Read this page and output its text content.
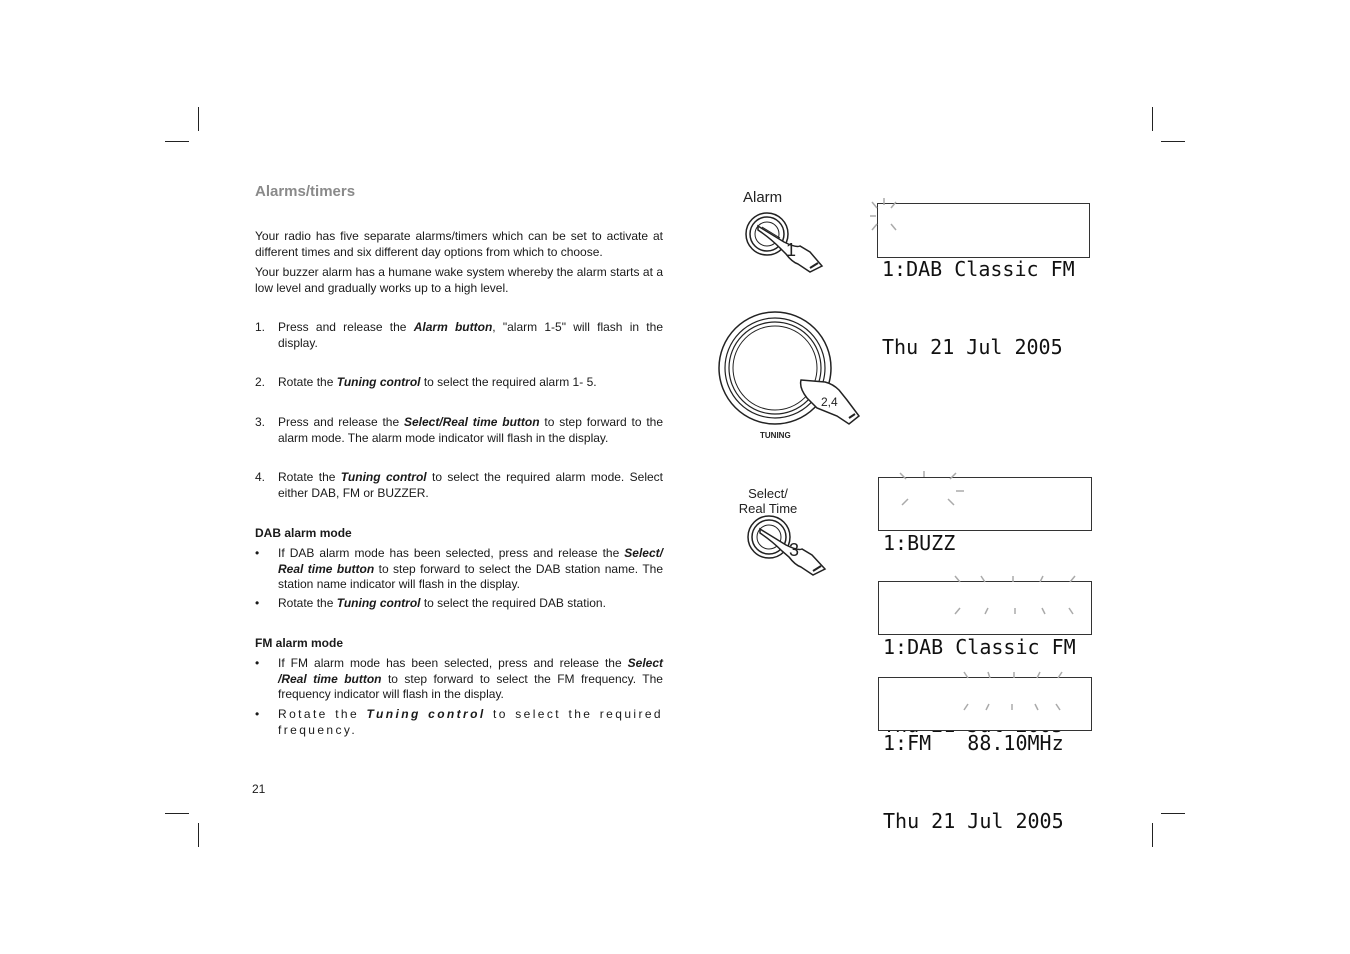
Alarms/timers

Your radio has five separate alarms/timers which can be set to activate at different times and six different day options from which to choose.

Your buzzer alarm has a humane wake system whereby the alarm starts at a low level and gradually works up to a high level.

1. Press and release the Alarm button, "alarm 1-5" will flash in the display.
2. Rotate the Tuning control to select the required alarm 1- 5.
3. Press and release the Select/Real time button to step forward to the alarm mode. The alarm mode indicator will flash in the display.
4. Rotate the Tuning control to select the required alarm mode. Select either DAB, FM or BUZZER.
DAB alarm mode
• If DAB alarm mode has been selected, press and release the Select/ Real time button to step forward to select the DAB station name. The station name indicator will flash in the display.
• Rotate the Tuning control to select the required DAB station.
FM alarm mode
• If FM alarm mode has been selected, press and release the Select /Real time button to step forward to select the FM frequency. The frequency indicator will flash in the display.
• Rotate the Tuning control to select the required frequency.
21
Alarm
1
2,4
TUNING
Select/
Real Time
3

1:DAB Classic FM

Thu 21 Jul 2005

1:BUZZ

1:DAB Classic FM

1:FM   88.10MHz

Thu 21 Jul 2005
